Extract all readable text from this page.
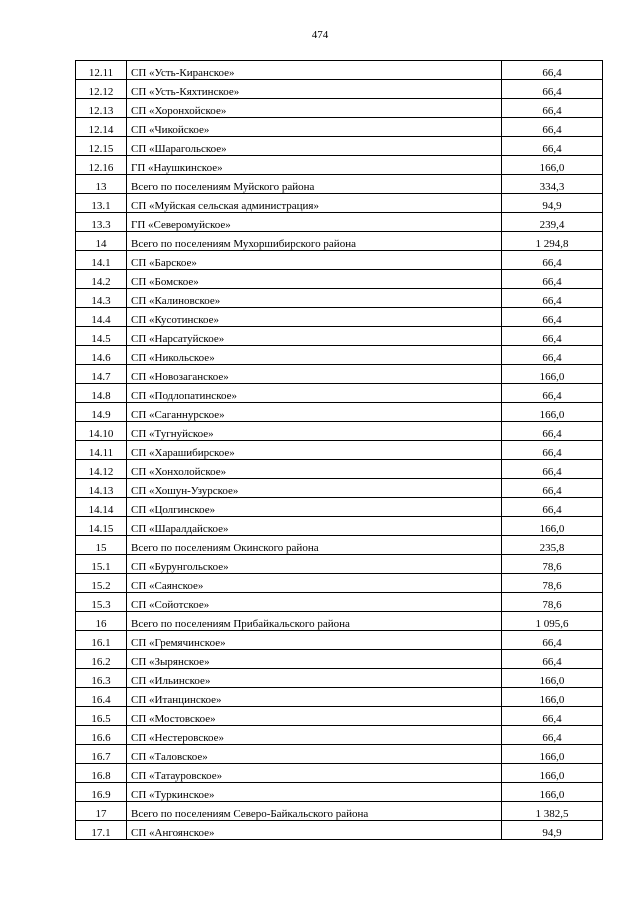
474
12.11	СП «Усть-Киранское»	66,4
12.12	СП «Усть-Кяхтинское»	66,4
12.13	СП «Хоронхойское»	66,4
12.14	СП «Чикойское»	66,4
12.15	СП «Шарагольское»	66,4
12.16	ГП «Наушкинское»	166,0
13	Всего по поселениям Муйского района	334,3
13.1	СП «Муйская сельская администрация»	94,9
13.3	ГП «Северомуйское»	239,4
14	Всего по поселениям Мухоршибирского района	1 294,8
14.1	СП «Барское»	66,4
14.2	СП «Бомское»	66,4
14.3	СП «Калиновское»	66,4
14.4	СП «Кусотинское»	66,4
14.5	СП «Нарсатуйское»	66,4
14.6	СП «Никольское»	66,4
14.7	СП «Новозаганское»	166,0
14.8	СП «Подлопатинское»	66,4
14.9	СП «Саганнурское»	166,0
14.10	СП «Тугнуйское»	66,4
14.11	СП «Харашибирское»	66,4
14.12	СП «Хонхолойское»	66,4
14.13	СП «Хошун-Узурское»	66,4
14.14	СП «Цолгинское»	66,4
14.15	СП «Шаралдайское»	166,0
15	Всего по поселениям Окинского района	235,8
15.1	СП «Бурунгольское»	78,6
15.2	СП «Саянское»	78,6
15.3	СП «Сойотское»	78,6
16	Всего по поселениям Прибайкальского района	1 095,6
16.1	СП «Гремячинское»	66,4
16.2	СП «Зырянское»	66,4
16.3	СП «Ильинское»	166,0
16.4	СП «Итанцинское»	166,0
16.5	СП «Мостовское»	66,4
16.6	СП «Нестеровское»	66,4
16.7	СП «Таловское»	166,0
16.8	СП «Татауровское»	166,0
16.9	СП «Туркинское»	166,0
17	Всего по поселениям Северо-Байкальского района	1 382,5
17.1	СП «Ангоянское»	94,9
